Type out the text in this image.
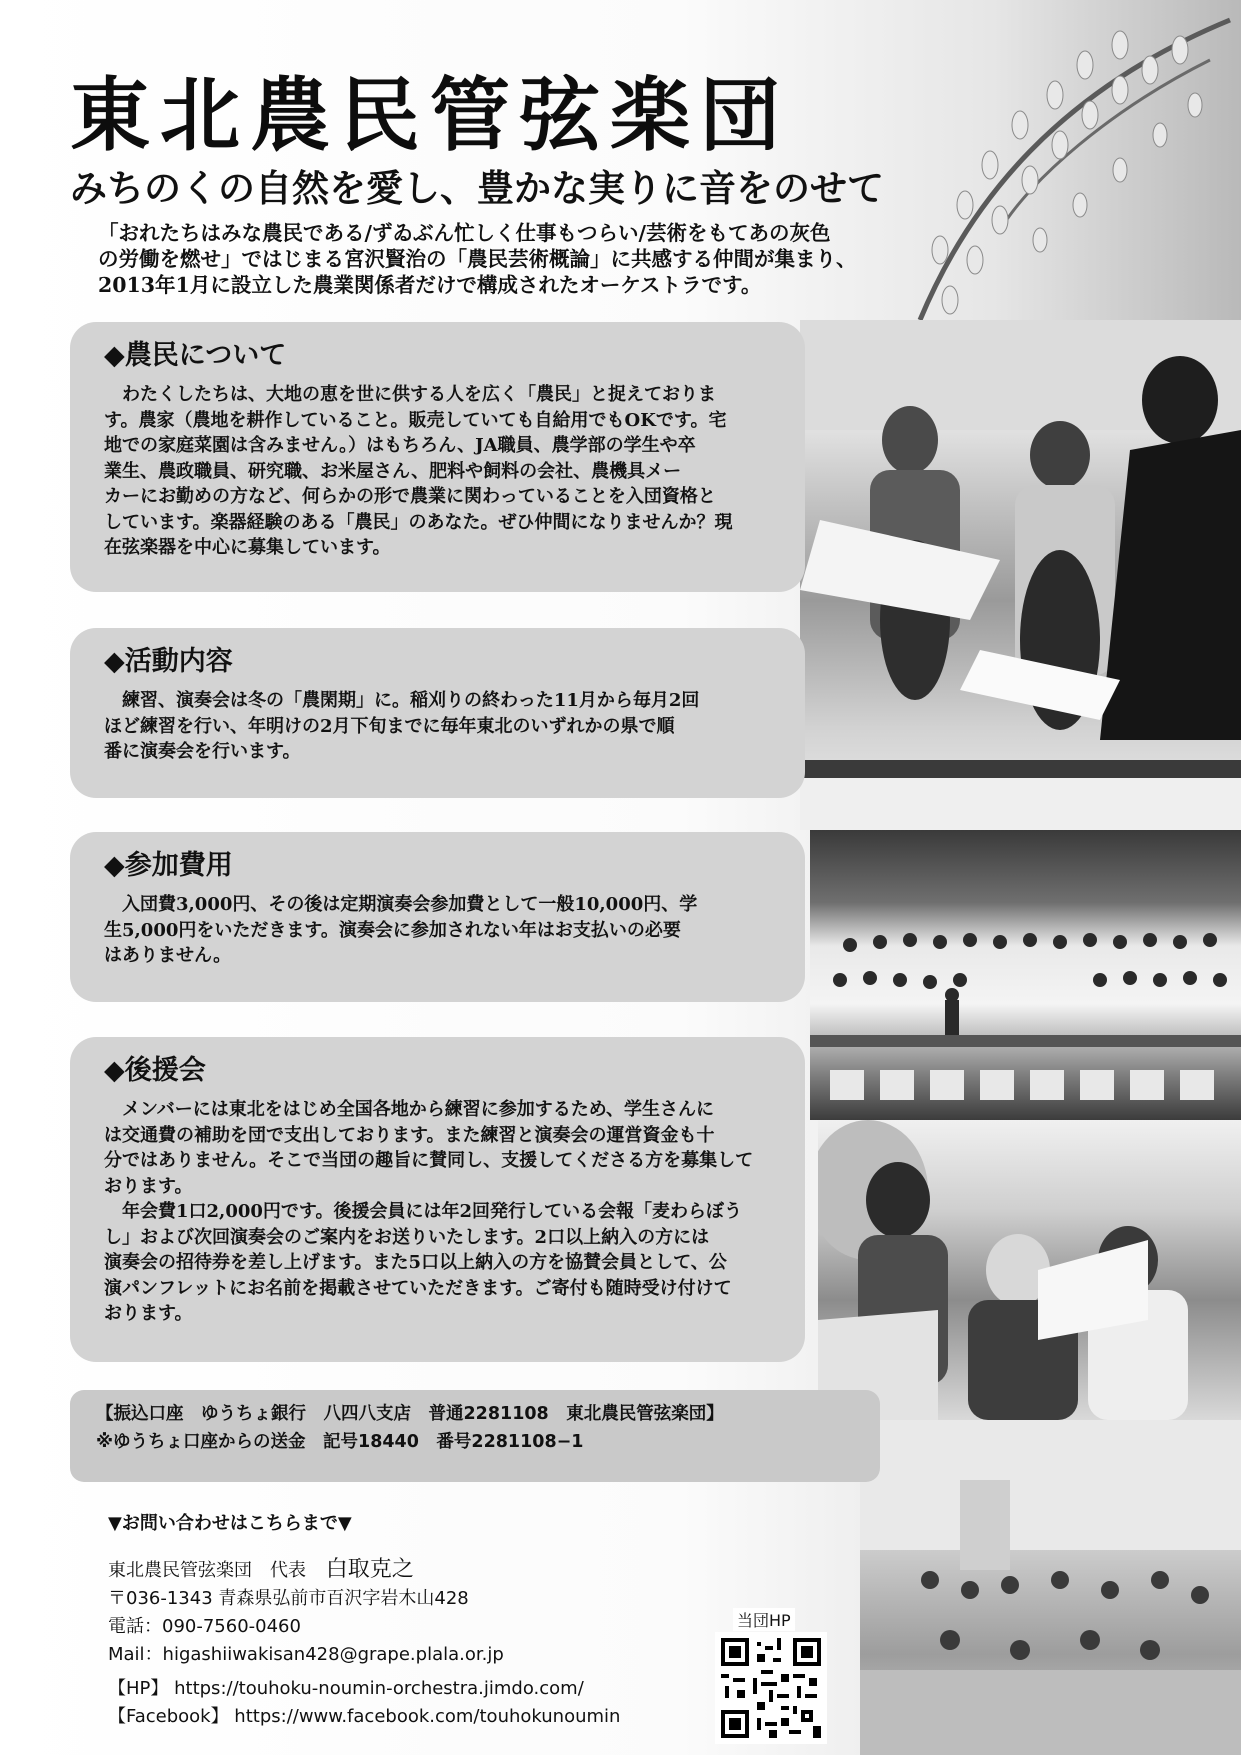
東北農民管弦楽団
みちのくの自然を愛し、豊かな実りに音をのせて
「おれたちはみな農民である/ずゐぶん忙しく仕事もつらい/芸術をもてあの灰色
の労働を燃せ」ではじまる宮沢賢治の「農民芸術概論」に共感する仲間が集まり、
2013年1月に設立した農業関係者だけで構成されたオーケストラです。
◆農民について
　わたくしたちは、大地の恵を世に供する人を広く「農民」と捉えておりま
す。農家（農地を耕作していること。販売していても自給用でもOKです。宅
地での家庭菜園は含みません。）はもちろん、JA職員、農学部の学生や卒
業生、農政職員、研究職、お米屋さん、肥料や飼料の会社、農機具メー
カーにお勤めの方など、何らかの形で農業に関わっていることを入団資格と
しています。楽器経験のある「農民」のあなた。ぜひ仲間になりませんか？現
在弦楽器を中心に募集しています。
◆活動内容
　練習、演奏会は冬の「農閑期」に。稲刈りの終わった11月から毎月2回
ほど練習を行い、年明けの2月下旬までに毎年東北のいずれかの県で順
番に演奏会を行います。
◆参加費用
　入団費3,000円、その後は定期演奏会参加費として一般10,000円、学
生5,000円をいただきます。演奏会に参加されない年はお支払いの必要
はありません。
◆後援会
　メンバーには東北をはじめ全国各地から練習に参加するため、学生さんに
は交通費の補助を団で支出しております。また練習と演奏会の運営資金も十
分ではありません。そこで当団の趣旨に賛同し、支援してくださる方を募集して
おります。
　年会費1口2,000円です。後援会員には年2回発行している会報「麦わらぼう
し」および次回演奏会のご案内をお送りいたします。2口以上納入の方には
演奏会の招待券を差し上げます。また5口以上納入の方を協賛会員として、公
演パンフレットにお名前を掲載させていただきます。ご寄付も随時受け付けて
おります。
【振込口座　ゆうちょ銀行　八四八支店　普通2281108　東北農民管弦楽団】
※ゆうちょ口座からの送金　記号18440　番号2281108−1
▼お問い合わせはこちらまで▼
東北農民管弦楽団　代表 白取克之
〒036-1343 青森県弘前市百沢字岩木山428
電話：090-7560-0460
Mail：higashiiwakisan428@grape.plala.or.jp
【HP】 https://touhoku-noumin-orchestra.jimdo.com/
【Facebook】 https://www.facebook.com/touhokunoumin
当団HP
